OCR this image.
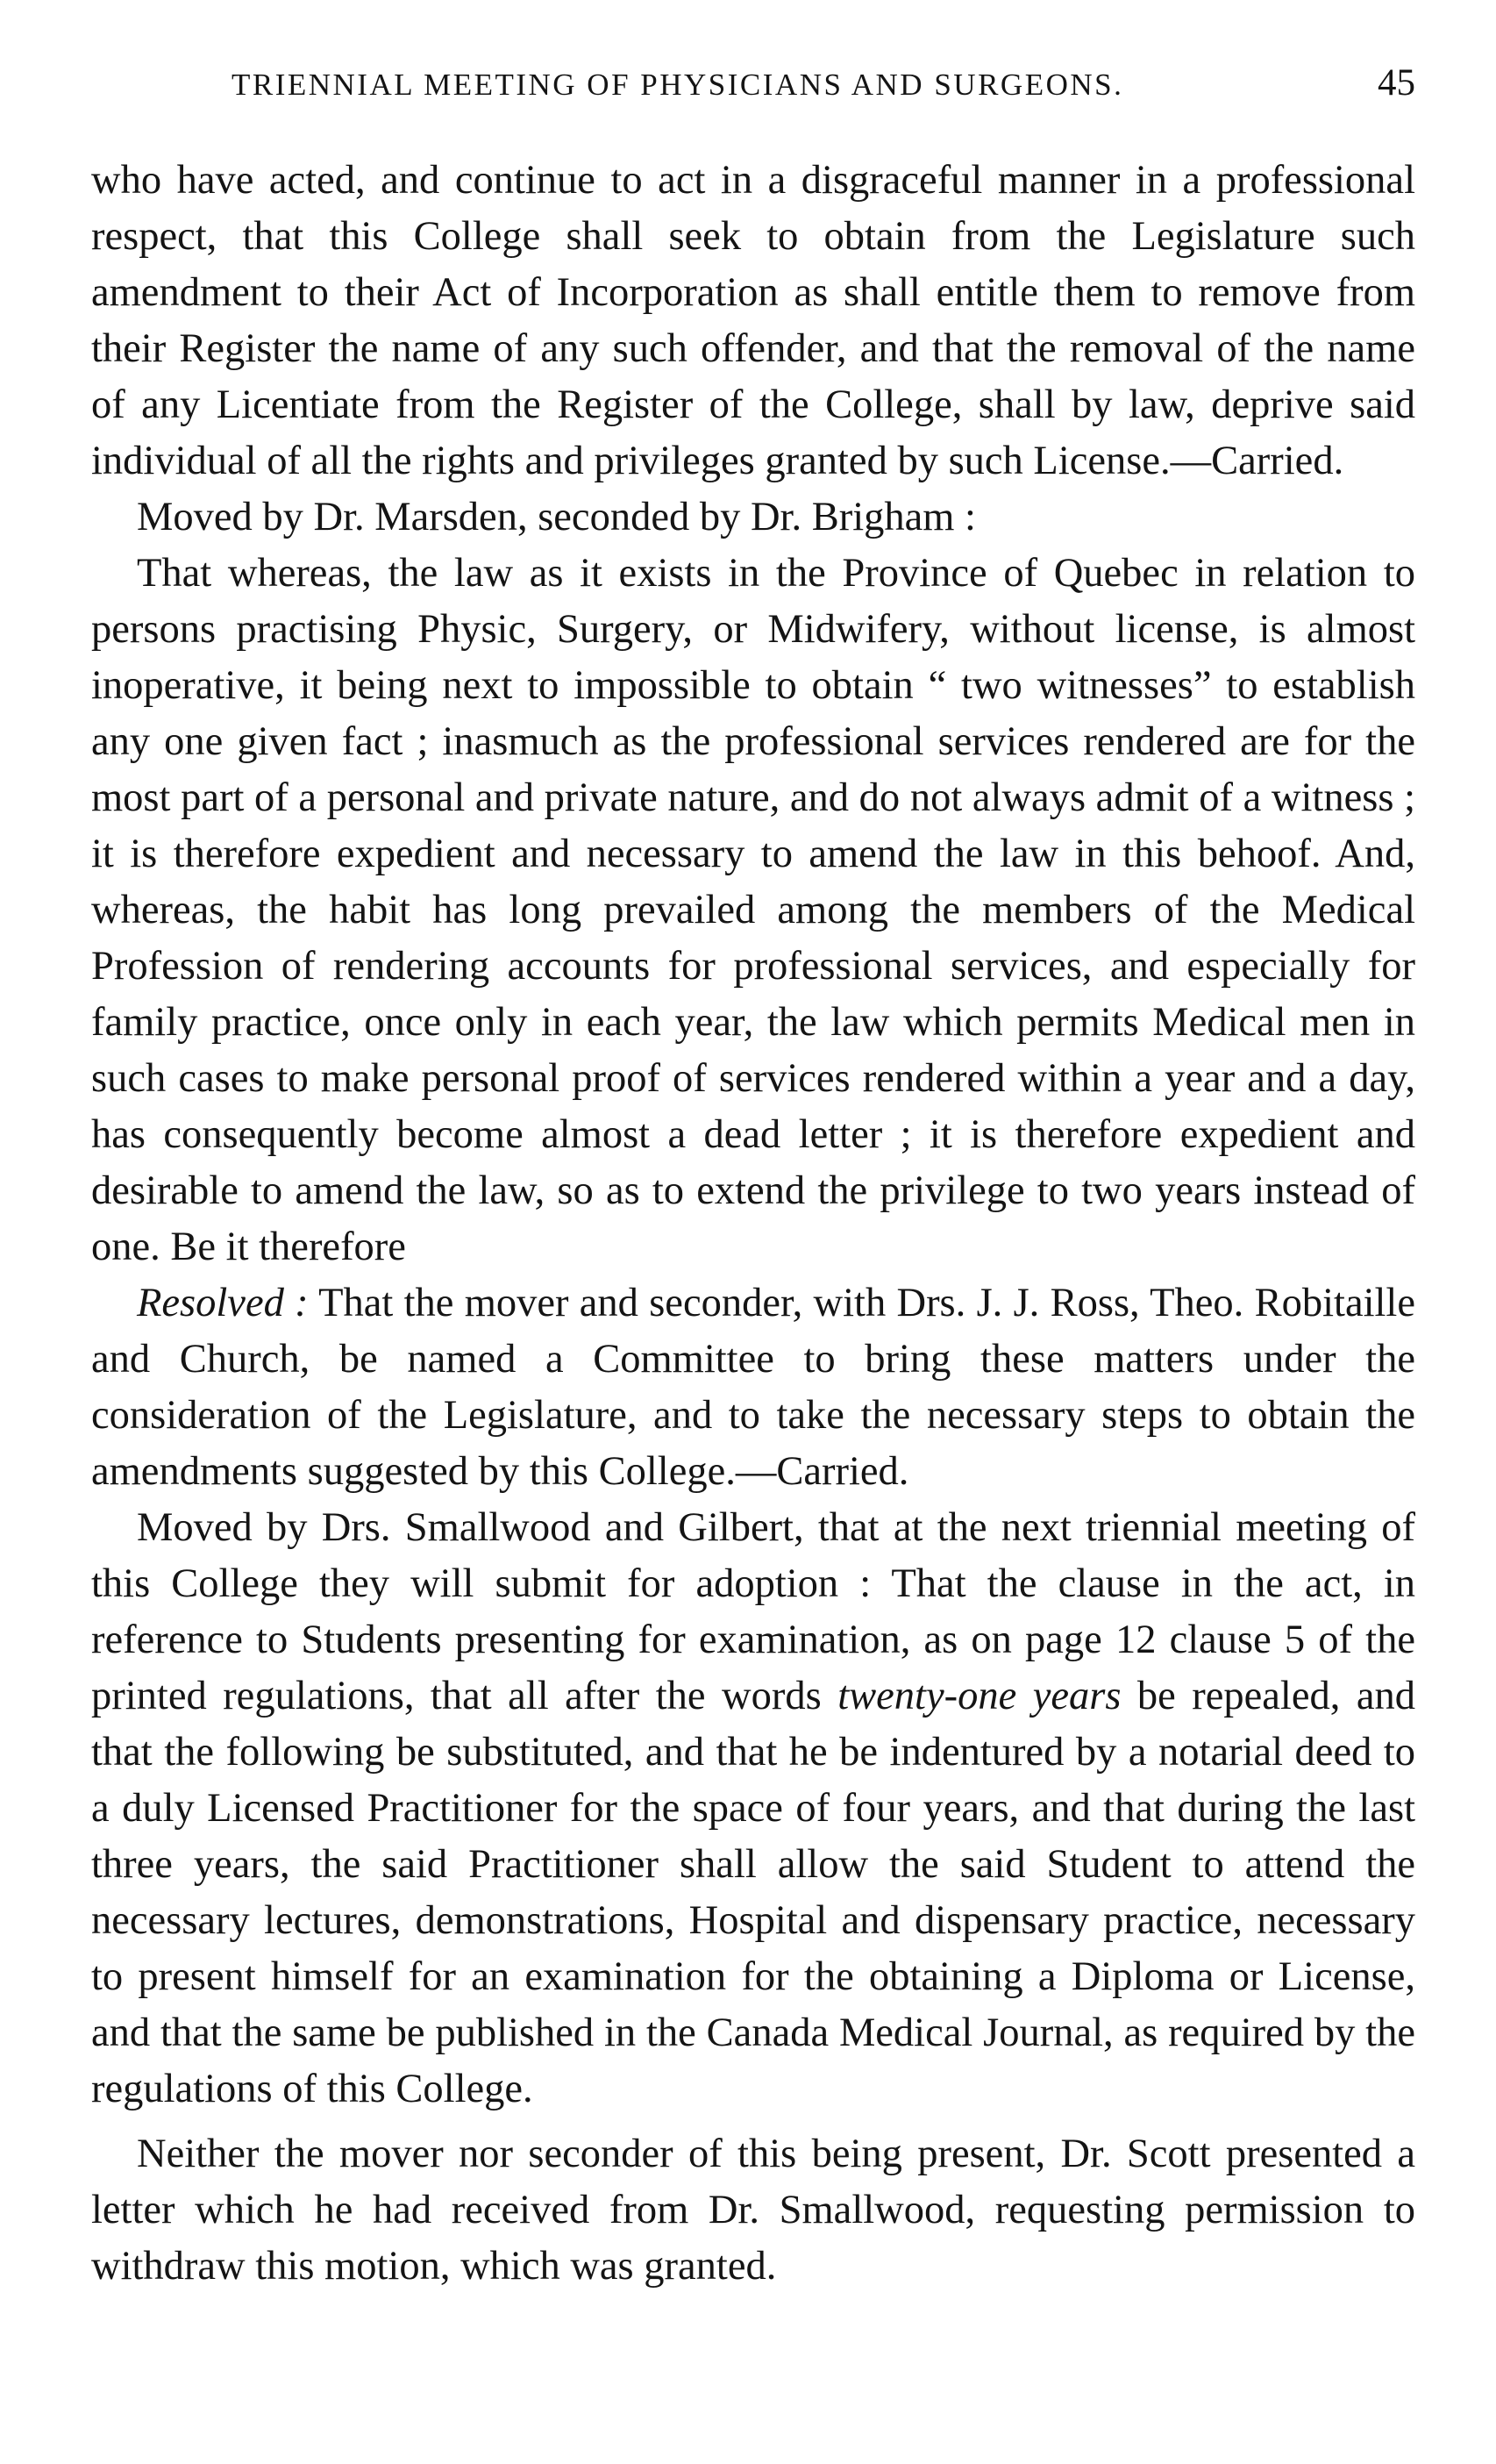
TRIENNIAL MEETING OF PHYSICIANS AND SURGEONS.	45

who have acted, and continue to act in a disgraceful manner in a professional respect, that this College shall seek to obtain from the Legislature such amendment to their Act of Incorporation as shall entitle them to remove from their Register the name of any such offender, and that the removal of the name of any Licentiate from the Register of the College, shall by law, deprive said individual of all the rights and privileges granted by such License.—Carried.

Moved by Dr. Marsden, seconded by Dr. Brigham :

That whereas, the law as it exists in the Province of Quebec in relation to persons practising Physic, Surgery, or Midwifery, without license, is almost inoperative, it being next to impossible to obtain “ two witnesses” to establish any one given fact ; inasmuch as the professional services rendered are for the most part of a personal and private nature, and do not always admit of a witness ; it is therefore expedient and necessary to amend the law in this behoof. And, whereas, the habit has long prevailed among the members of the Medical Profession of rendering accounts for professional services, and especially for family practice, once only in each year, the law which permits Medical men in such cases to make personal proof of services rendered within a year and a day, has consequently become almost a dead letter ; it is therefore expedient and desirable to amend the law, so as to extend the privilege to two years instead of one. Be it therefore

Resolved : That the mover and seconder, with Drs. J. J. Ross, Theo. Robitaille and Church, be named a Committee to bring these matters under the consideration of the Legislature, and to take the necessary steps to obtain the amendments suggested by this College.—Carried.

Moved by Drs. Smallwood and Gilbert, that at the next triennial meeting of this College they will submit for adoption : That the clause in the act, in reference to Students presenting for examination, as on page 12 clause 5 of the printed regulations, that all after the words twenty-one years be repealed, and that the following be substituted, and that he be indentured by a notarial deed to a duly Licensed Practitioner for the space of four years, and that during the last three years, the said Practitioner shall allow the said Student to attend the necessary lectures, demonstrations, Hospital and dispensary practice, necessary to present himself for an examination for the obtaining a Diploma or License, and that the same be published in the Canada Medical Journal, as required by the regulations of this College.

Neither the mover nor seconder of this being present, Dr. Scott presented a letter which he had received from Dr. Smallwood, requesting permission to withdraw this motion, which was granted.
